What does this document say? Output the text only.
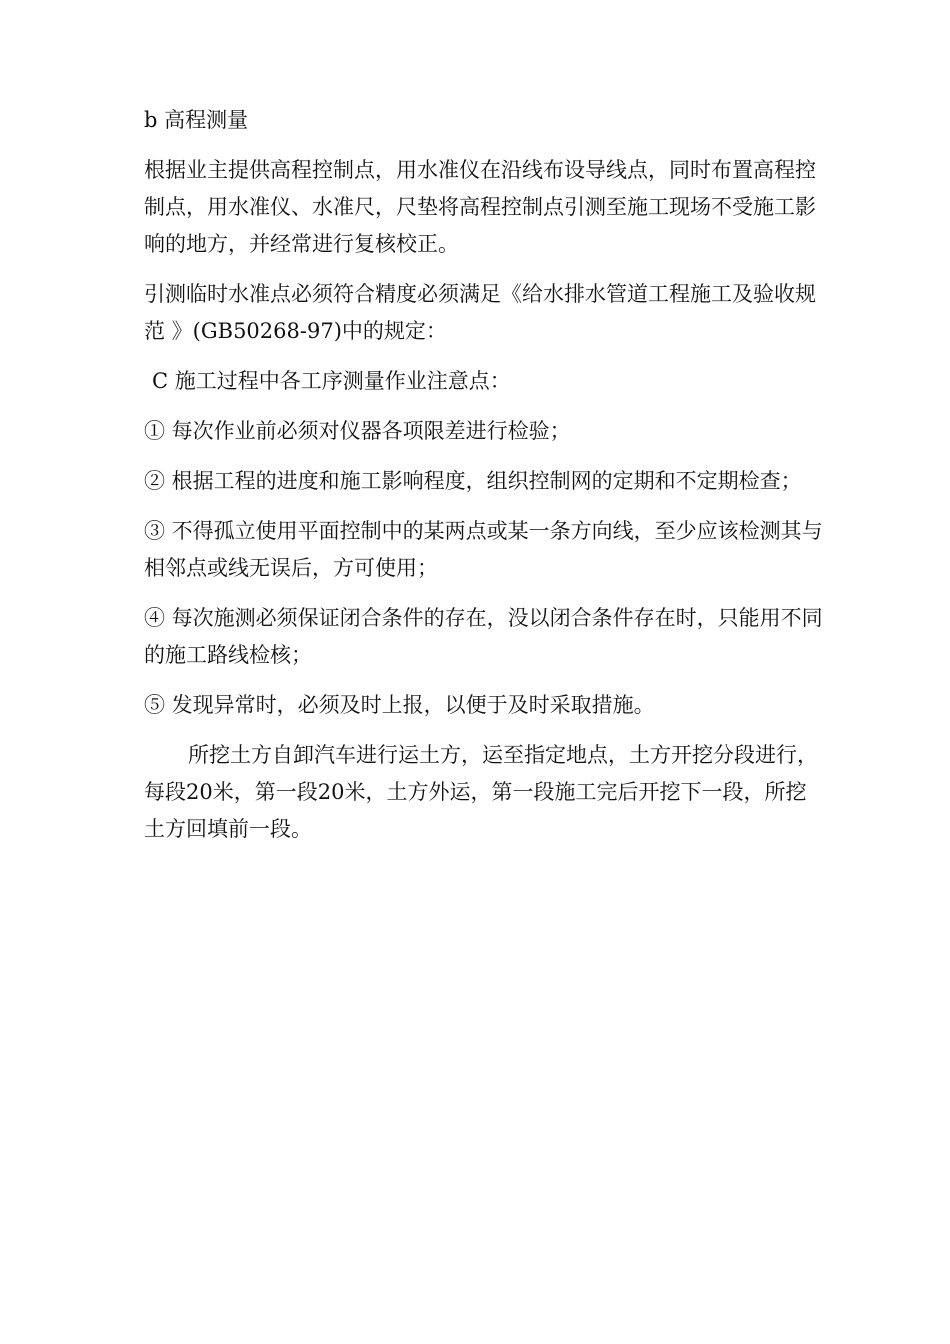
b 高程测量

根据业主提供高程控制点，用水准仪在沿线布设导线点，同时布置高程控制点，用水准仪、水准尺，尺垫将高程控制点引测至施工现场不受施工影响的地方，并经常进行复核校正。

引测临时水准点必须符合精度必须满足《给水排水管道工程施工及验收规范 》(GB50268-97)中的规定：

C 施工过程中各工序测量作业注意点：

① 每次作业前必须对仪器各项限差进行检验；

② 根据工程的进度和施工影响程度，组织控制网的定期和不定期检查；

③ 不得孤立使用平面控制中的某两点或某一条方向线，至少应该检测其与相邻点或线无误后，方可使用；

④ 每次施测必须保证闭合条件的存在，没以闭合条件存在时，只能用不同的施工路线检核；

⑤ 发现异常时，必须及时上报，以便于及时采取措施。

所挖土方自卸汽车进行运土方，运至指定地点，土方开挖分段进行，每段20米，第一段20米，土方外运，第一段施工完后开挖下一段，所挖土方回填前一段。
